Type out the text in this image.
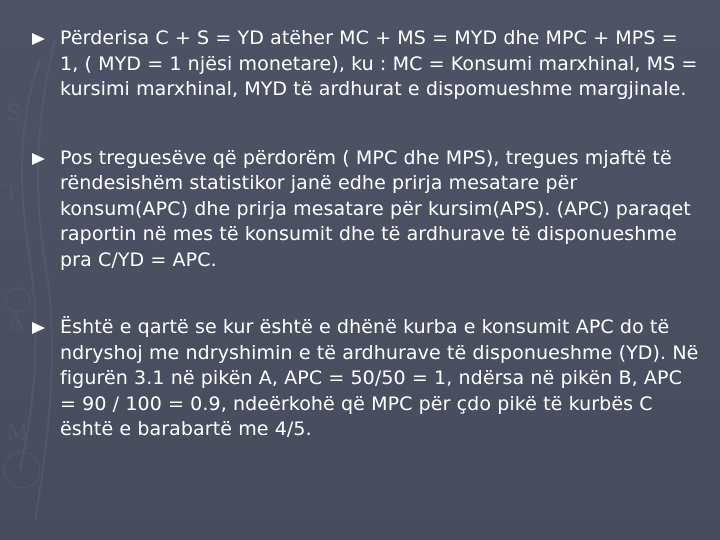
S
T
A
M
Përderisa C + S = YD atëher MC + MS = MYD dhe MPC + MPS = 1, ( MYD = 1 njësi monetare), ku : MC = Konsumi marxhinal, MS = kursimi marxhinal, MYD të ardhurat e dispomueshme margjinale.
Pos treguesëve që përdorëm ( MPC dhe MPS), tregues mjaftë të rëndesishëm statistikor janë edhe prirja mesatare për konsum(APC) dhe prirja mesatare për kursim(APS). (APC) paraqet raportin në mes të konsumit dhe të ardhurave të disponueshme pra C/YD = APC.
Është e qartë se kur është e dhënë kurba e konsumit APC do të ndryshoj me ndryshimin e të ardhurave të disponueshme (YD). Në figurën 3.1 në pikën A, APC = 50/50 = 1, ndërsa në pikën B, APC = 90 / 100 = 0.9, ndeërkohë që MPC për çdo pikë të kurbës C është e barabartë me 4/5.
